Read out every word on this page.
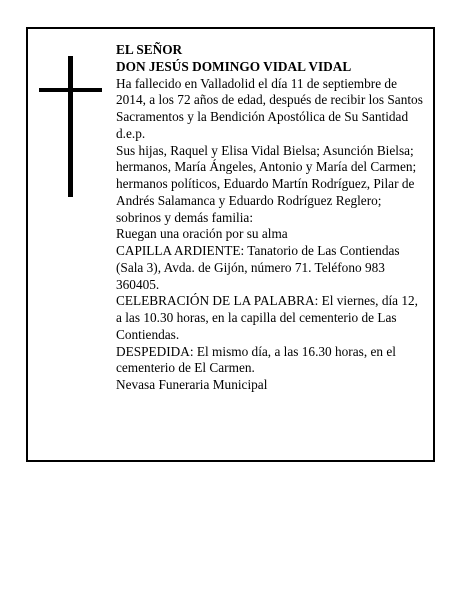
EL SEÑOR

DON JESÚS DOMINGO VIDAL VIDAL

Ha fallecido en Valladolid el día 11 de septiembre de 2014, a los 72 años de edad, después de recibir los Santos Sacramentos y la Bendición Apostólica de Su Santidad

d.e.p.

Sus hijas, Raquel y Elisa Vidal Bielsa; Asunción Bielsa; hermanos, María Ángeles, Antonio y María del Carmen; hermanos políticos, Eduardo Martín Rodríguez, Pilar de Andrés Salamanca y Eduardo Rodríguez Reglero; sobrinos y demás familia:

Ruegan una oración por su alma

CAPILLA ARDIENTE: Tanatorio de Las Contiendas (Sala 3), Avda. de Gijón, número 71. Teléfono 983 360405.

CELEBRACIÓN DE LA PALABRA: El viernes, día 12, a las 10.30 horas, en la capilla del cementerio de Las Contiendas.

DESPEDIDA: El mismo día, a las 16.30 horas, en el cementerio de El Carmen.

Nevasa Funeraria Municipal
